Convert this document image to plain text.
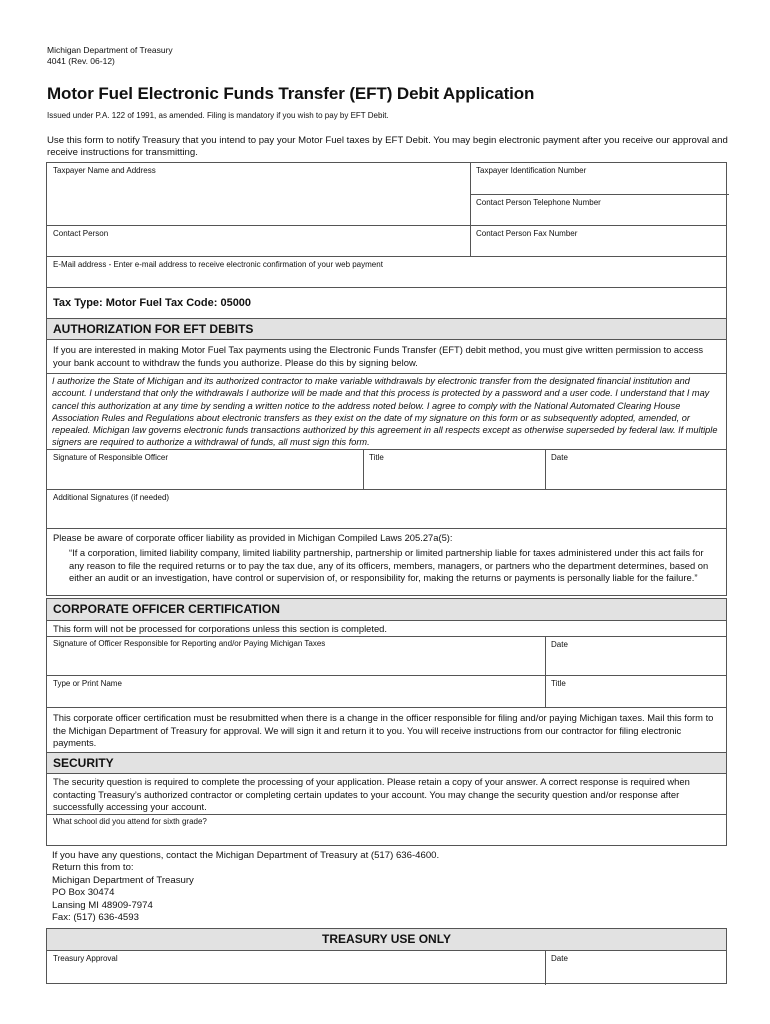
Michigan Department of Treasury
4041 (Rev. 06-12)
Motor Fuel Electronic Funds Transfer (EFT) Debit Application
Issued under P.A. 122 of 1991, as amended. Filing is mandatory if you wish to pay by EFT Debit.
Use this form to notify Treasury that you intend to pay your Motor Fuel taxes by EFT Debit. You may begin electronic payment after you receive our approval and receive instructions for transmitting.
Taxpayer Name and Address	Taxpayer Identification Number
Contact Person Telephone Number
Contact Person	Contact Person Fax Number
E-Mail address - Enter e-mail address to receive electronic confirmation of your web payment
Tax Type: Motor Fuel Tax Code: 05000
AUTHORIZATION FOR EFT DEBITS
If you are interested in making Motor Fuel Tax payments using the Electronic Funds Transfer (EFT) debit method, you must give written permission to access your bank account to withdraw the funds you authorize. Please do this by signing below.
I authorize the State of Michigan and its authorized contractor to make variable withdrawals by electronic transfer from the designated financial institution and account. I understand that only the withdrawals I authorize will be made and that this process is protected by a password and a user code. I understand that I may cancel this authorization at any time by sending a written notice to the address noted below. I agree to comply with the National Automated Clearing House Association Rules and Regulations about electronic transfers as they exist on the date of my signature on this form or as subsequently adopted, amended, or repealed. Michigan law governs electronic funds transactions authorized by this agreement in all respects except as otherwise superseded by federal law. If multiple signers are required to authorize a withdrawal of funds, all must sign this form.
Signature of Responsible Officer	Title	Date
Additional Signatures (if needed)
Please be aware of corporate officer liability as provided in Michigan Compiled Laws 205.27a(5):
“If a corporation, limited liability company, limited liability partnership, partnership or limited partnership liable for taxes administered under this act fails for any reason to file the required returns or to pay the tax due, any of its officers, members, managers, or partners who the department determines, based on either an audit or an investigation, have control or supervision of, or responsibility for, making the returns or payments is personally liable for the failure.”
CORPORATE OFFICER CERTIFICATION
This form will not be processed for corporations unless this section is completed.
Signature of Officer Responsible for Reporting and/or Paying Michigan Taxes	Date
Type or Print Name	Title
This corporate officer certification must be resubmitted when there is a change in the officer responsible for filing and/or paying Michigan taxes. Mail this form to the Michigan Department of Treasury for approval. We will sign it and return it to you. You will receive instructions from our contractor for filing electronic payments.
SECURITY
The security question is required to complete the processing of your application. Please retain a copy of your answer. A correct response is required when contacting Treasury’s authorized contractor or completing certain updates to your account. You may change the security question and/or response after successfully accessing your account.
What school did you attend for sixth grade?
If you have any questions, contact the Michigan Department of Treasury at (517) 636-4600.
Return this from to:
Michigan Department of Treasury
PO Box 30474
Lansing MI 48909-7974
Fax: (517) 636-4593
TREASURY USE ONLY
Treasury Approval	Date
